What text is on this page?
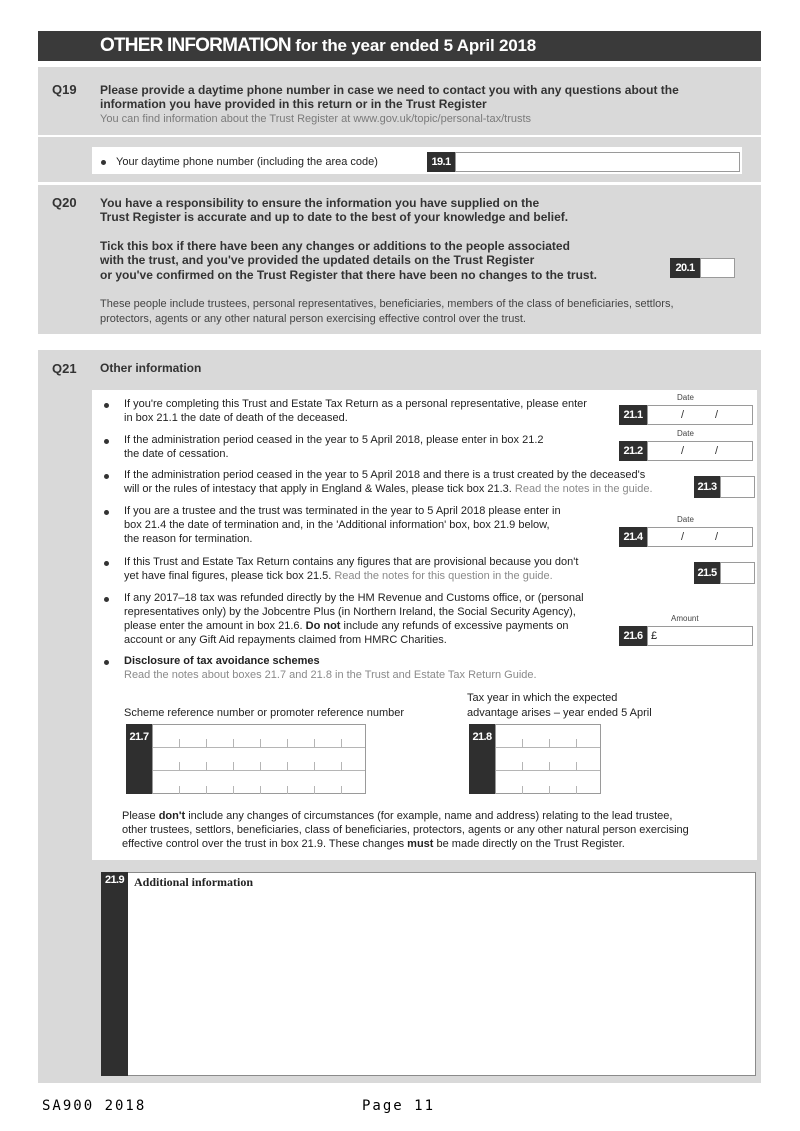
OTHER INFORMATION for the year ended 5 April 2018
Q19 Please provide a daytime phone number in case we need to contact you with any questions about the
information you have provided in this return or in the Trust Register
You can find information about the Trust Register at www.gov.uk/topic/personal-tax/trusts
Your daytime phone number (including the area code)	19.1
Q20 You have a responsibility to ensure the information you have supplied on the
Trust Register is accurate and up to date to the best of your knowledge and belief.
Tick this box if there have been any changes or additions to the people associated
with the trust, and you've provided the updated details on the Trust Register
or you've confirmed on the Trust Register that there have been no changes to the trust.	20.1
These people include trustees, personal representatives, beneficiaries, members of the class of beneficiaries, settlors,
protectors, agents or any other natural person exercising effective control over the trust.
Q21 Other information
If you're completing this Trust and Estate Tax Return as a personal representative, please enter
in box 21.1 the date of death of the deceased.
Date
21.1	/	/
If the administration period ceased in the year to 5 April 2018, please enter in box 21.2
the date of cessation.
Date
21.2	/	/
If the administration period ceased in the year to 5 April 2018 and there is a trust created by the deceased's
will or the rules of intestacy that apply in England & Wales, please tick box 21.3. Read the notes in the guide.	21.3
If you are a trustee and the trust was terminated in the year to 5 April 2018 please enter in
box 21.4 the date of termination and, in the 'Additional information' box, box 21.9 below,
the reason for termination.
Date
21.4	/	/
If this Trust and Estate Tax Return contains any figures that are provisional because you don't
yet have final figures, please tick box 21.5. Read the notes for this question in the guide.	21.5
If any 2017–18 tax was refunded directly by the HM Revenue and Customs office, or (personal
representatives only) by the Jobcentre Plus (in Northern Ireland, the Social Security Agency),
please enter the amount in box 21.6. Do not include any refunds of excessive payments on
account or any Gift Aid repayments claimed from HMRC Charities.
Amount
21.6 £
Disclosure of tax avoidance schemes
Read the notes about boxes 21.7 and 21.8 in the Trust and Estate Tax Return Guide.
Scheme reference number or promoter reference number
Tax year in which the expected
advantage arises – year ended 5 April
21.7	21.8
Please don't include any changes of circumstances (for example, name and address) relating to the lead trustee,
other trustees, settlors, beneficiaries, class of beneficiaries, protectors, agents or any other natural person exercising
effective control over the trust in box 21.9. These changes must be made directly on the Trust Register.
21.9 Additional information
SA900 2018	Page 11
